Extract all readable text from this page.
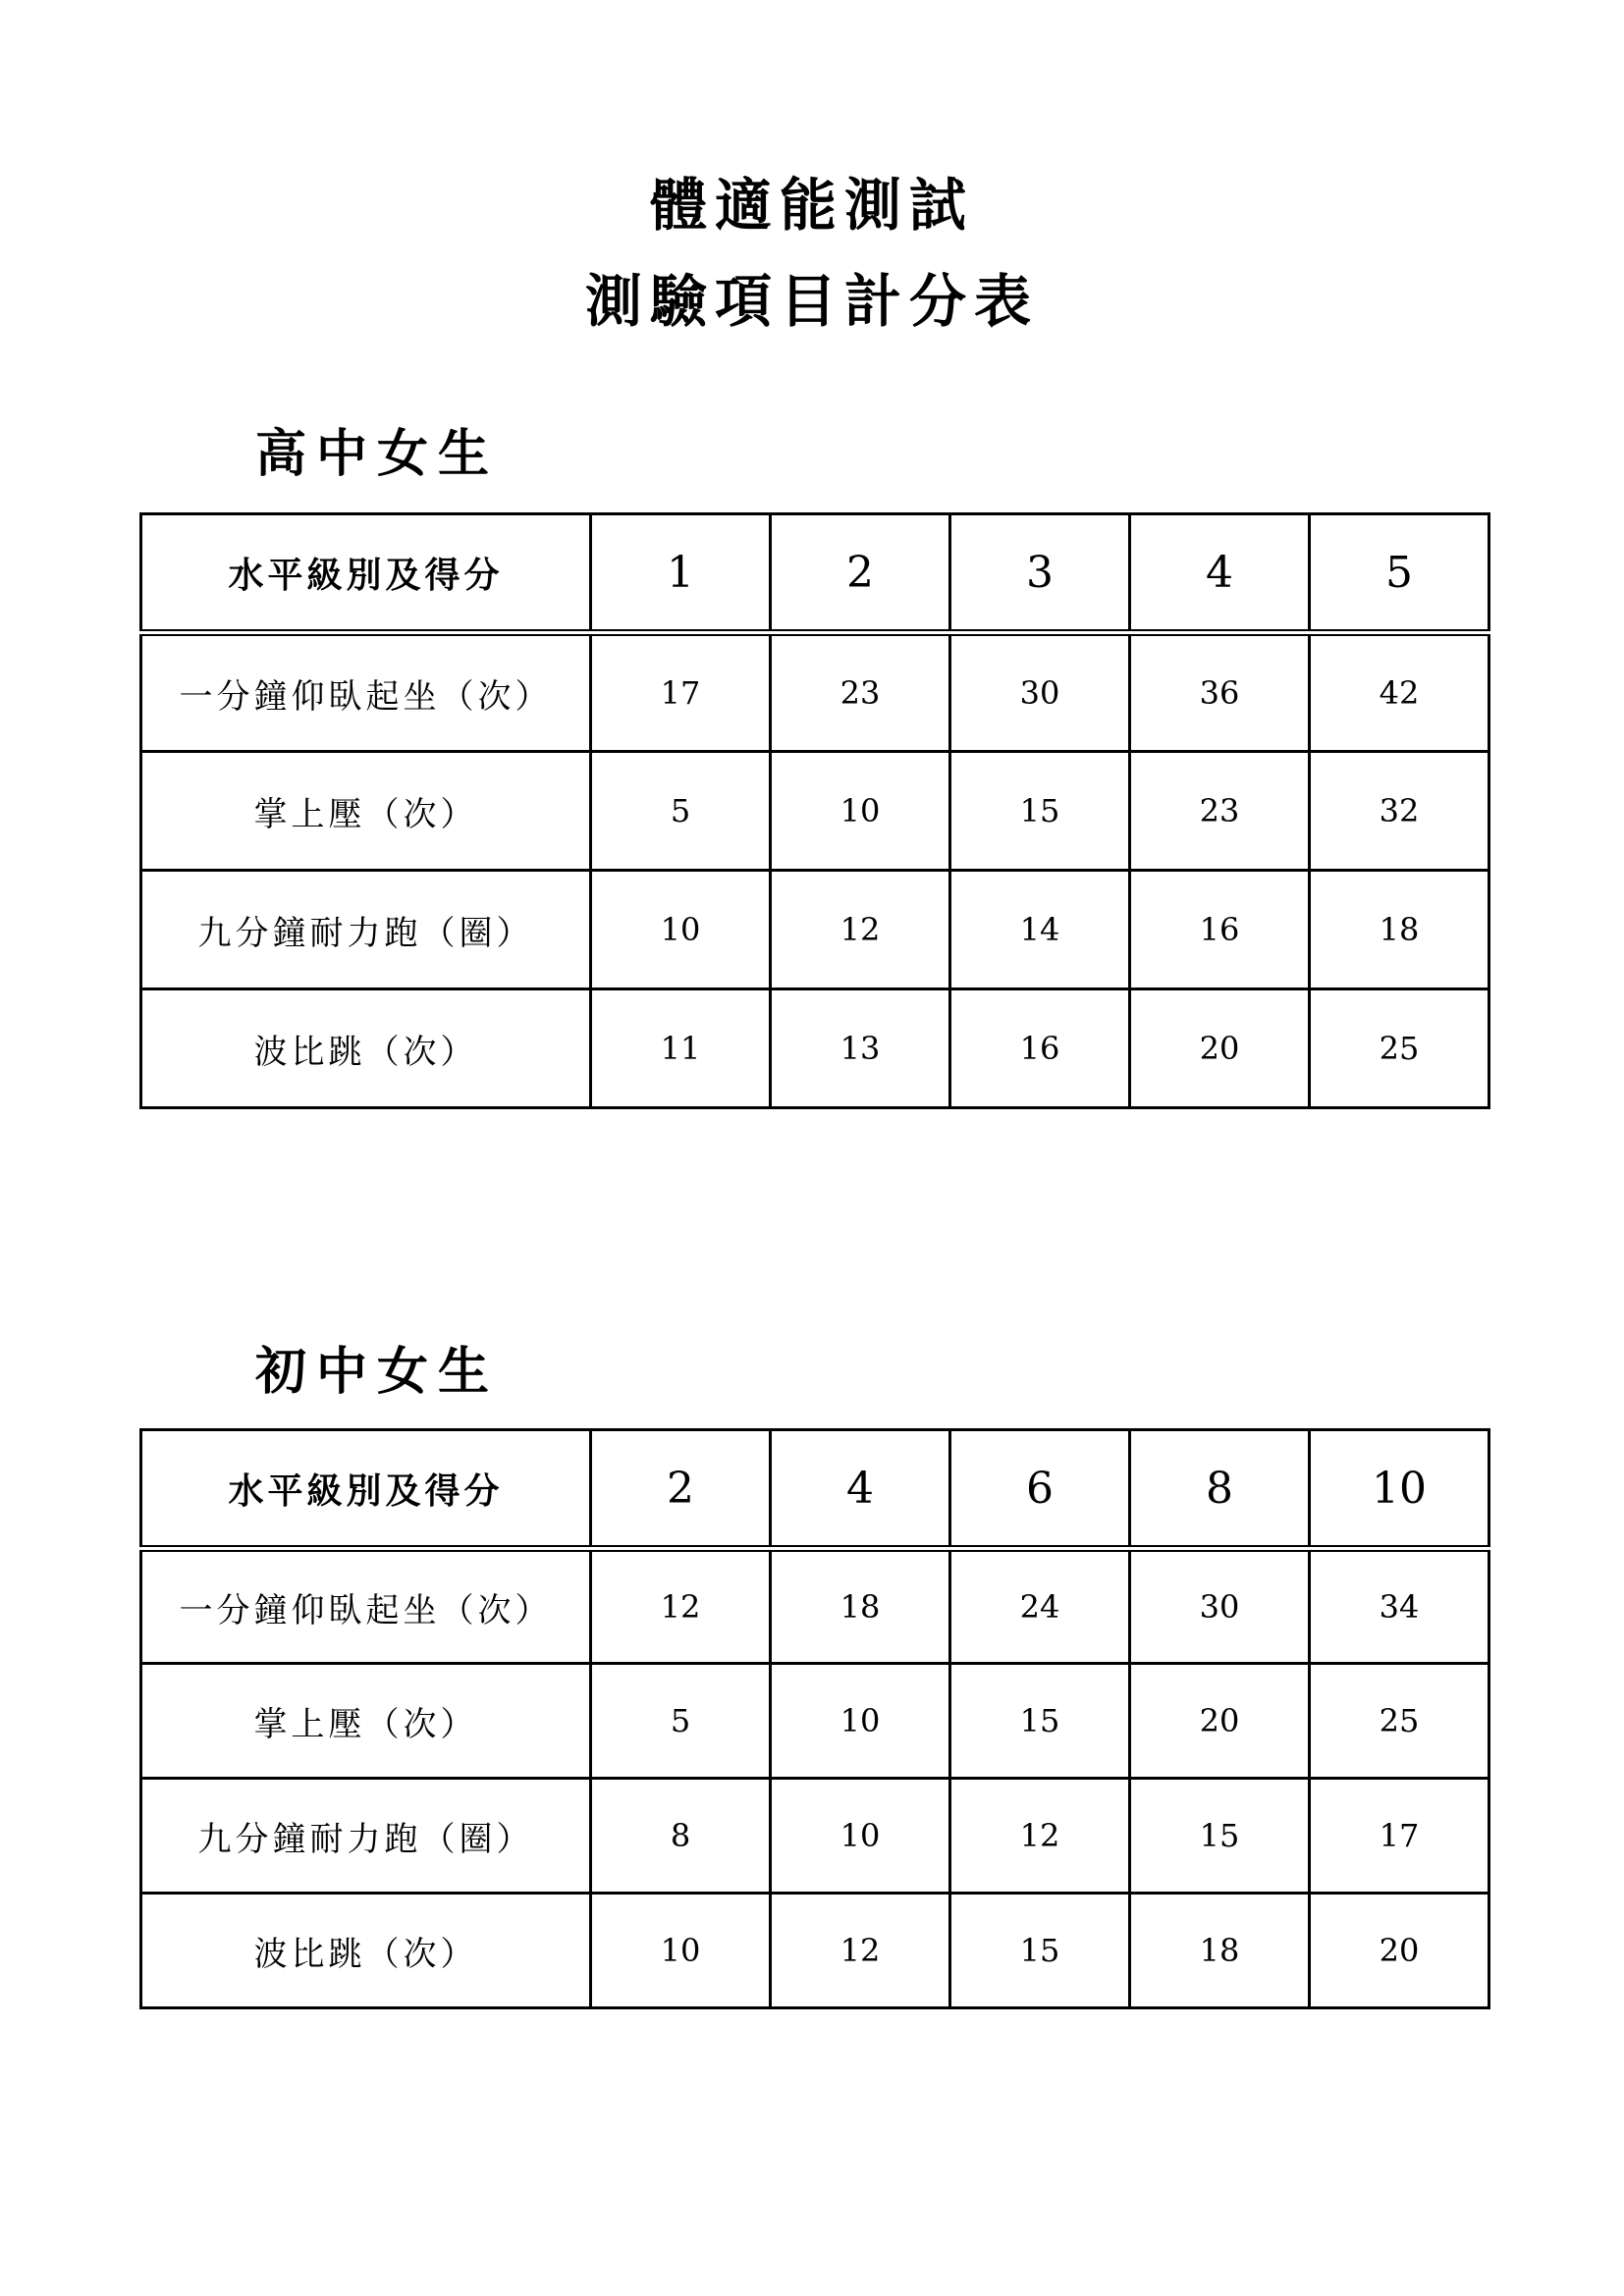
體適能測試
測驗項目計分表
高中女生
水平級別及得分	1	2	3	4	5
一分鐘仰臥起坐（次）	17	23	30	36	42
掌上壓（次）	5	10	15	23	32
九分鐘耐力跑（圈）	10	12	14	16	18
波比跳（次）	11	13	16	20	25
初中女生
水平級別及得分	2	4	6	8	10
一分鐘仰臥起坐（次）	12	18	24	30	34
掌上壓（次）	5	10	15	20	25
九分鐘耐力跑（圈）	8	10	12	15	17
波比跳（次）	10	12	15	18	20
